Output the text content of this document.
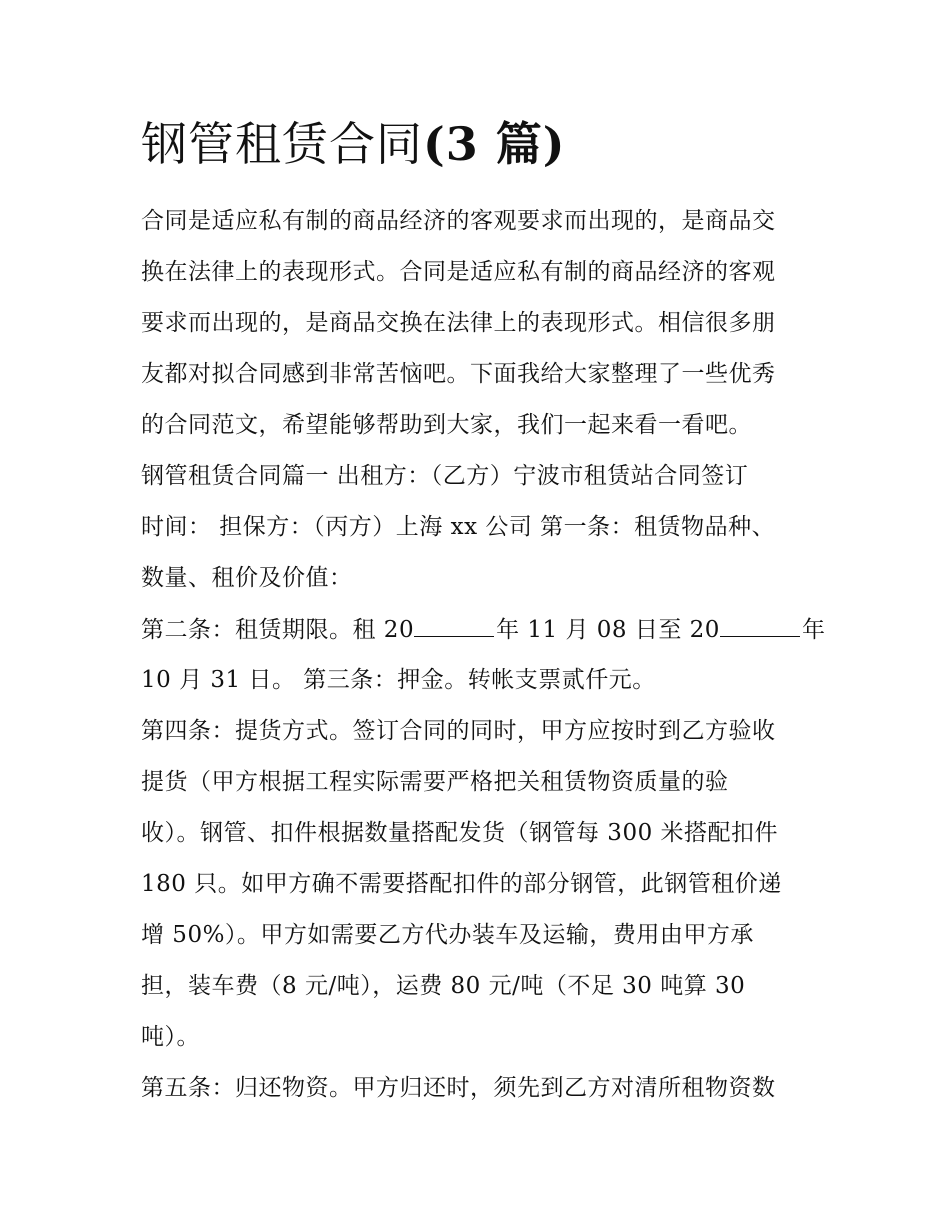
钢管租赁合同(3 篇)
合同是适应私有制的商品经济的客观要求而出现的，是商品交
换在法律上的表现形式。合同是适应私有制的商品经济的客观
要求而出现的，是商品交换在法律上的表现形式。相信很多朋
友都对拟合同感到非常苦恼吧。下面我给大家整理了一些优秀
的合同范文，希望能够帮助到大家，我们一起来看一看吧。
钢管租赁合同篇一 出租方：（乙方）宁波市租赁站合同签订
时间： 担保方：（丙方）上海 xx 公司 第一条：租赁物品种、
数量、租价及价值：
第二条：租赁期限。租 20	年 11 月 08 日至 20	年
10 月 31 日。 第三条：押金。转帐支票贰仟元。
第四条：提货方式。签订合同的同时，甲方应按时到乙方验收
提货（甲方根据工程实际需要严格把关租赁物资质量的验
收）。钢管、扣件根据数量搭配发货（钢管每 300 米搭配扣件
180 只。如甲方确不需要搭配扣件的部分钢管，此钢管租价递
增 50%）。甲方如需要乙方代办装车及运输，费用由甲方承
担，装车费（8 元/吨），运费 80 元/吨（不足 30 吨算 30
吨）。
第五条：归还物资。甲方归还时，须先到乙方对清所租物资数
